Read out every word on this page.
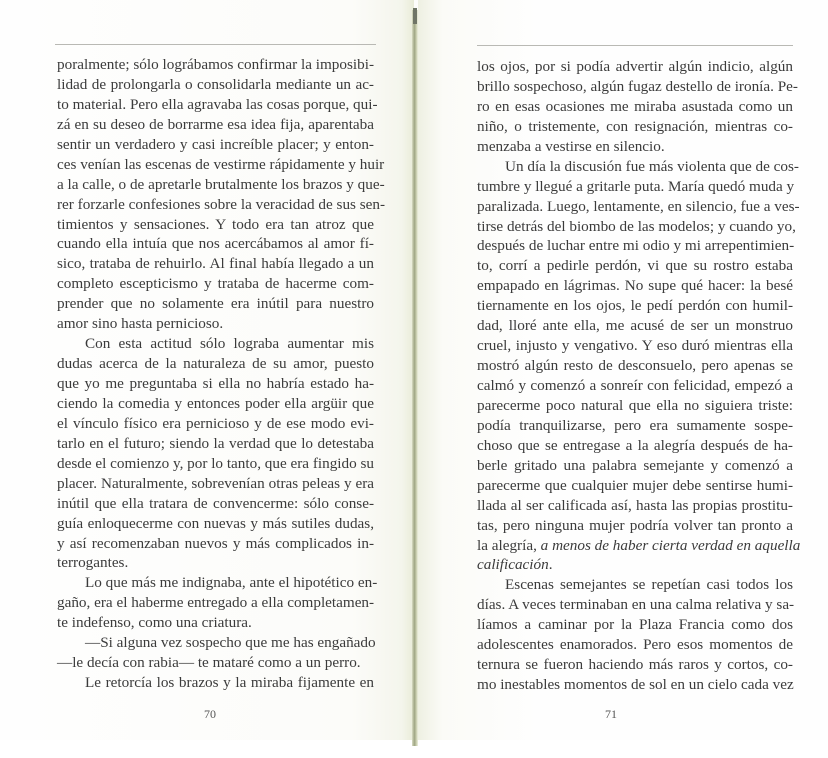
poralmente; sólo lográbamos confirmar la imposibi-
lidad de prolongarla o consolidarla mediante un ac-
to material. Pero ella agravaba las cosas porque, qui-
zá en su deseo de borrarme esa idea fija, aparentaba
sentir un verdadero y casi increíble placer; y enton-
ces venían las escenas de vestirme rápidamente y huir
a la calle, o de apretarle brutalmente los brazos y que-
rer forzarle confesiones sobre la veracidad de sus sen-
timientos y sensaciones. Y todo era tan atroz que
cuando ella intuía que nos acercábamos al amor fí-
sico, trataba de rehuirlo. Al final había llegado a un
completo escepticismo y trataba de hacerme com-
prender que no solamente era inútil para nuestro
amor sino hasta pernicioso.
Con esta actitud sólo lograba aumentar mis
dudas acerca de la naturaleza de su amor, puesto
que yo me preguntaba si ella no habría estado ha-
ciendo la comedia y entonces poder ella argüir que
el vínculo físico era pernicioso y de ese modo evi-
tarlo en el futuro; siendo la verdad que lo detestaba
desde el comienzo y, por lo tanto, que era fingido su
placer. Naturalmente, sobrevenían otras peleas y era
inútil que ella tratara de convencerme: sólo conse-
guía enloquecerme con nuevas y más sutiles dudas,
y así recomenzaban nuevos y más complicados in-
terrogantes.
Lo que más me indignaba, ante el hipotético en-
gaño, era el haberme entregado a ella completamen-
te indefenso, como una criatura.
—Si alguna vez sospecho que me has engañado
—le decía con rabia— te mataré como a un perro.
Le retorcía los brazos y la miraba fijamente en
70
los ojos, por si podía advertir algún indicio, algún
brillo sospechoso, algún fugaz destello de ironía. Pe-
ro en esas ocasiones me miraba asustada como un
niño, o tristemente, con resignación, mientras co-
menzaba a vestirse en silencio.
Un día la discusión fue más violenta que de cos-
tumbre y llegué a gritarle puta. María quedó muda y
paralizada. Luego, lentamente, en silencio, fue a ves-
tirse detrás del biombo de las modelos; y cuando yo,
después de luchar entre mi odio y mi arrepentimien-
to, corrí a pedirle perdón, vi que su rostro estaba
empapado en lágrimas. No supe qué hacer: la besé
tiernamente en los ojos, le pedí perdón con humil-
dad, lloré ante ella, me acusé de ser un monstruo
cruel, injusto y vengativo. Y eso duró mientras ella
mostró algún resto de desconsuelo, pero apenas se
calmó y comenzó a sonreír con felicidad, empezó a
parecerme poco natural que ella no siguiera triste:
podía tranquilizarse, pero era sumamente sospe-
choso que se entregase a la alegría después de ha-
berle gritado una palabra semejante y comenzó a
parecerme que cualquier mujer debe sentirse humi-
llada al ser calificada así, hasta las propias prostitu-
tas, pero ninguna mujer podría volver tan pronto a
la alegría, a menos de haber cierta verdad en aquella
calificación.
Escenas semejantes se repetían casi todos los
días. A veces terminaban en una calma relativa y sa-
líamos a caminar por la Plaza Francia como dos
adolescentes enamorados. Pero esos momentos de
ternura se fueron haciendo más raros y cortos, co-
mo inestables momentos de sol en un cielo cada vez
71
